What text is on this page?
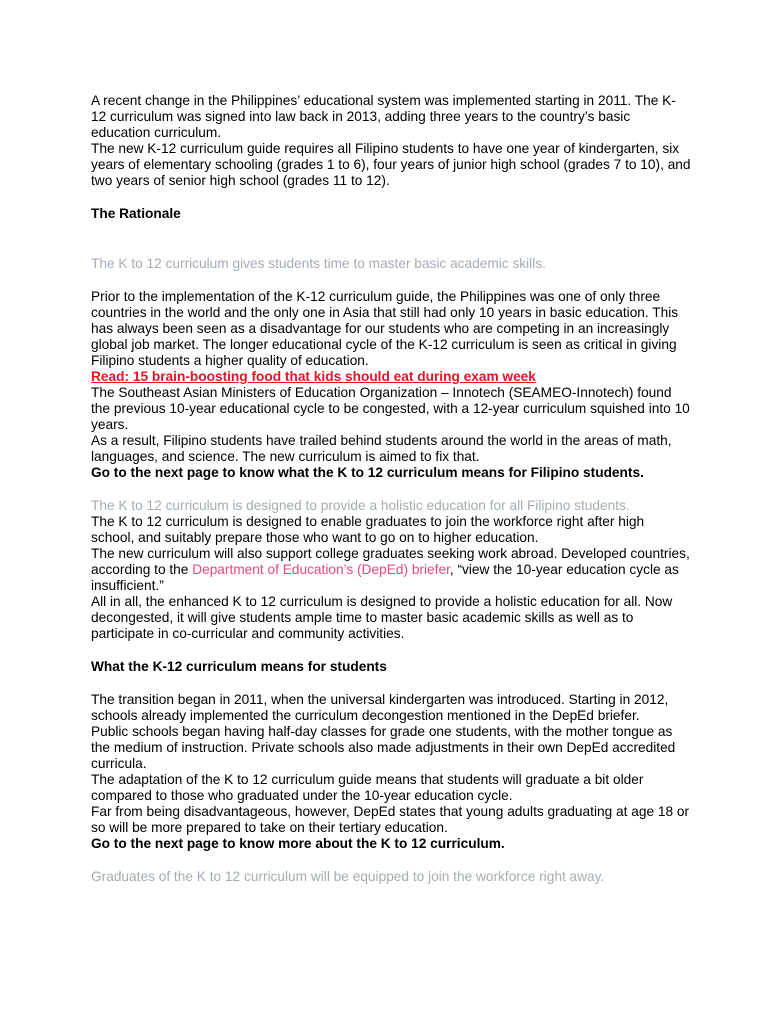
A recent change in the Philippines’ educational system was implemented starting in 2011. The K-12 curriculum was signed into law back in 2013, adding three years to the country’s basic education curriculum.

The new K-12 curriculum guide requires all Filipino students to have one year of kindergarten, six years of elementary schooling (grades 1 to 6), four years of junior high school (grades 7 to 10), and two years of senior high school (grades 11 to 12).

The Rationale

The K to 12 curriculum gives students time to master basic academic skills.

Prior to the implementation of the K-12 curriculum guide, the Philippines was one of only three countries in the world and the only one in Asia that still had only 10 years in basic education. This has always been seen as a disadvantage for our students who are competing in an increasingly global job market. The longer educational cycle of the K-12 curriculum is seen as critical in giving Filipino students a higher quality of education.

Read: 15 brain-boosting food that kids should eat during exam week

The Southeast Asian Ministers of Education Organization – Innotech (SEAMEO-Innotech) found the previous 10-year educational cycle to be congested, with a 12-year curriculum squished into 10 years.

As a result, Filipino students have trailed behind students around the world in the areas of math, languages, and science. The new curriculum is aimed to fix that.

Go to the next page to know what the K to 12 curriculum means for Filipino students.

The K to 12 curriculum is designed to provide a holistic education for all Filipino students.

The K to 12 curriculum is designed to enable graduates to join the workforce right after high school, and suitably prepare those who want to go on to higher education.

The new curriculum will also support college graduates seeking work abroad. Developed countries, according to the Department of Education’s (DepEd) briefer, “view the 10-year education cycle as insufficient.”

All in all, the enhanced K to 12 curriculum is designed to provide a holistic education for all. Now decongested, it will give students ample time to master basic academic skills as well as to participate in co-curricular and community activities.

What the K-12 curriculum means for students

The transition began in 2011, when the universal kindergarten was introduced. Starting in 2012, schools already implemented the curriculum decongestion mentioned in the DepEd briefer.

Public schools began having half-day classes for grade one students, with the mother tongue as the medium of instruction. Private schools also made adjustments in their own DepEd accredited curricula.

The adaptation of the K to 12 curriculum guide means that students will graduate a bit older compared to those who graduated under the 10-year education cycle.

Far from being disadvantageous, however, DepEd states that young adults graduating at age 18 or so will be more prepared to take on their tertiary education.

Go to the next page to know more about the K to 12 curriculum.

Graduates of the K to 12 curriculum will be equipped to join the workforce right away.
